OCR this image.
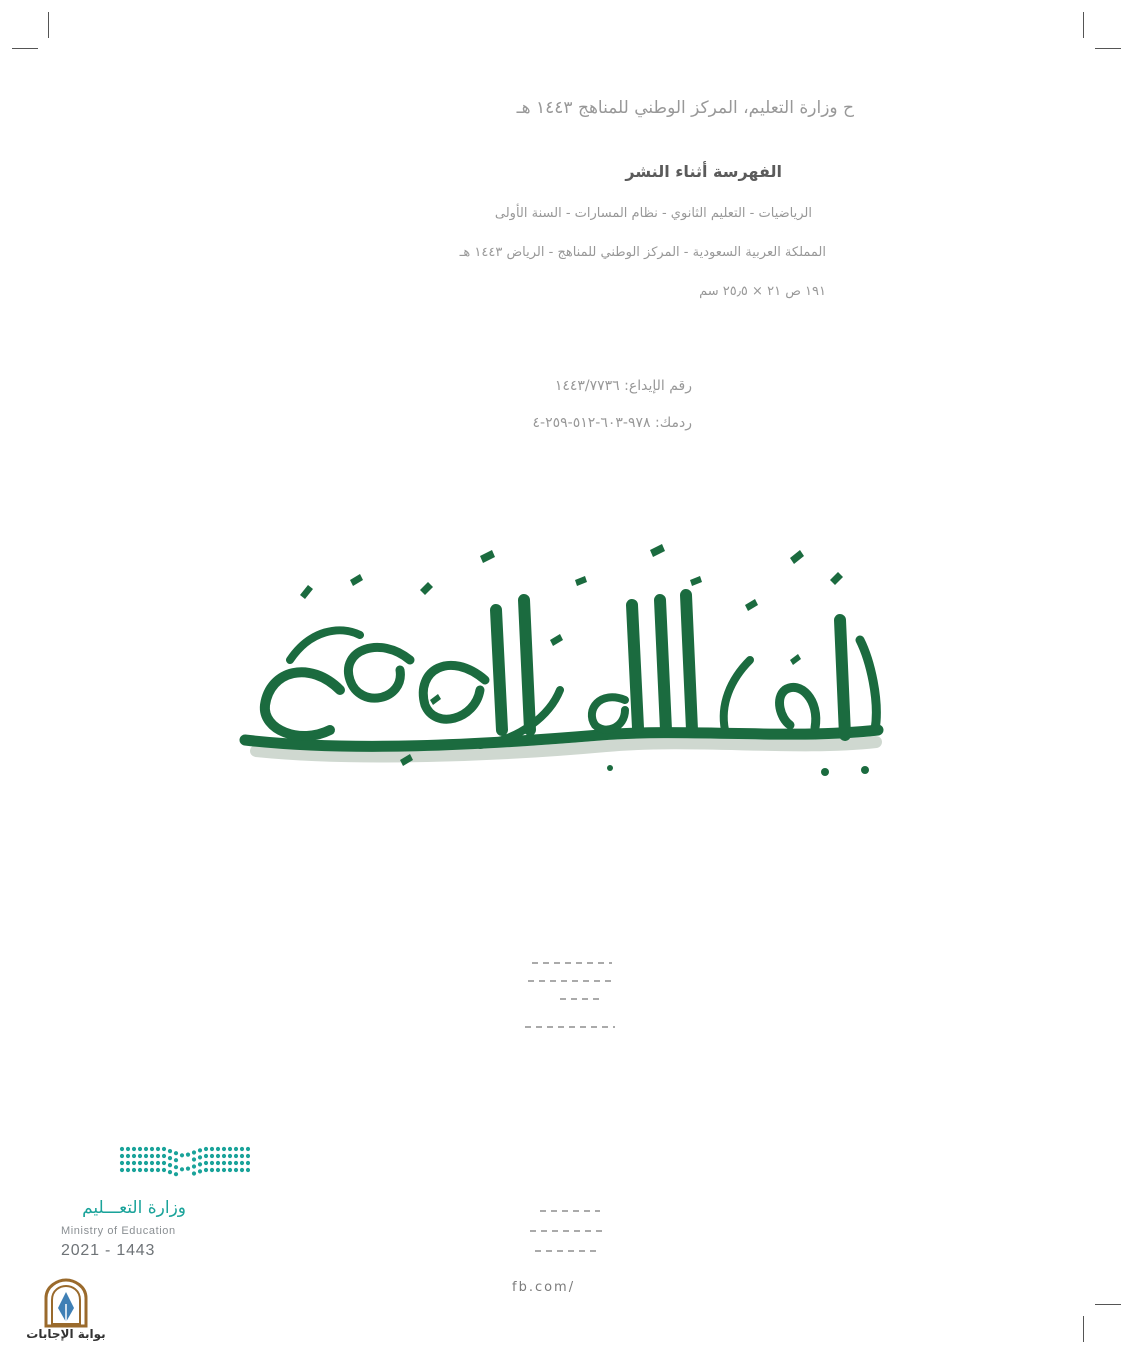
ح وزارة التعليم، المركز الوطني للمناهج ١٤٤٣ هـ
الفهرسة أثناء النشر
الرياضيات - التعليم الثانوي - نظام المسارات - السنة الأولى
المملكة العربية السعودية - المركز الوطني للمناهج - الرياض ١٤٤٣ هـ
١٩١ ص ٢١ × ٢٥٫٥ سم
رقم الإيداع: ١٤٤٣/٧٧٣٦
ردمك: ٩٧٨-٦٠٣-٥١٢-٢٥٩-٤
fb.com/
وزارة التعـــليم
Ministry of Education
2021 - 1443
بوابة الإجابات
